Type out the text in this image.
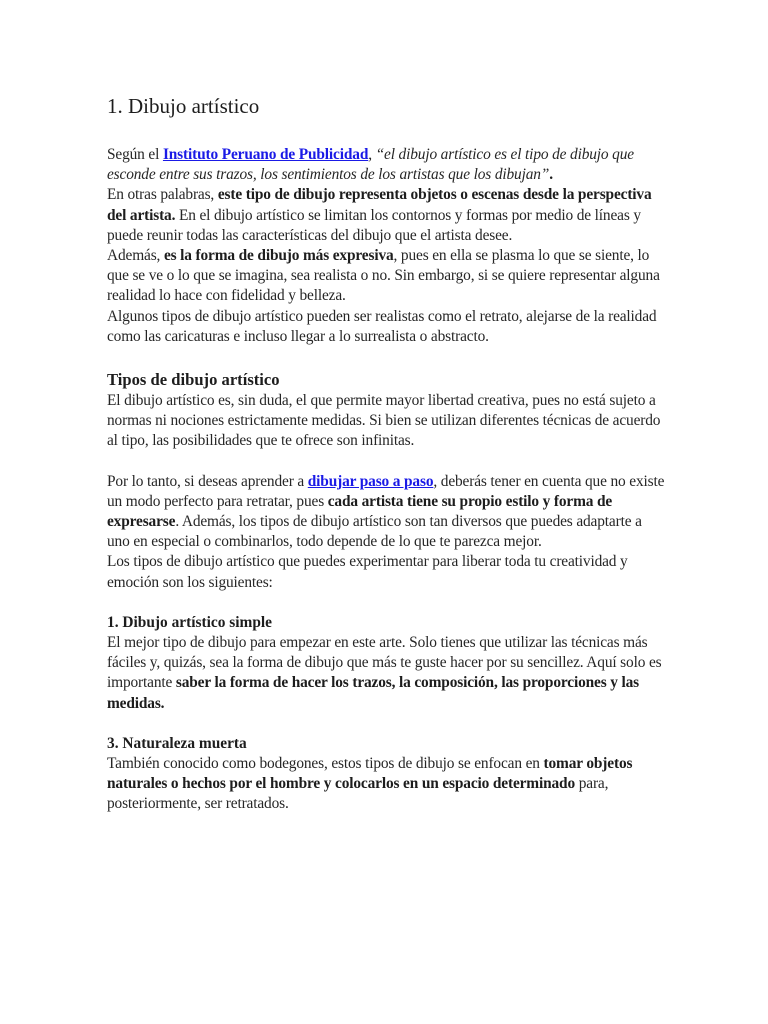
1. Dibujo artístico

Según el Instituto Peruano de Publicidad, “el dibujo artístico es el tipo de dibujo que esconde entre sus trazos, los sentimientos de los artistas que los dibujan”.

En otras palabras, este tipo de dibujo representa objetos o escenas desde la perspectiva del artista. En el dibujo artístico se limitan los contornos y formas por medio de líneas y puede reunir todas las características del dibujo que el artista desee.

Además, es la forma de dibujo más expresiva, pues en ella se plasma lo que se siente, lo que se ve o lo que se imagina, sea realista o no. Sin embargo, si se quiere representar alguna realidad lo hace con fidelidad y belleza.

Algunos tipos de dibujo artístico pueden ser realistas como el retrato, alejarse de la realidad como las caricaturas e incluso llegar a lo surrealista o abstracto.

Tipos de dibujo artístico

El dibujo artístico es, sin duda, el que permite mayor libertad creativa, pues no está sujeto a normas ni nociones estrictamente medidas. Si bien se utilizan diferentes técnicas de acuerdo al tipo, las posibilidades que te ofrece son infinitas.

Por lo tanto, si deseas aprender a dibujar paso a paso, deberás tener en cuenta que no existe un modo perfecto para retratar, pues cada artista tiene su propio estilo y forma de expresarse. Además, los tipos de dibujo artístico son tan diversos que puedes adaptarte a uno en especial o combinarlos, todo depende de lo que te parezca mejor.

Los tipos de dibujo artístico que puedes experimentar para liberar toda tu creatividad y emoción son los siguientes:

1. Dibujo artístico simple

El mejor tipo de dibujo para empezar en este arte. Solo tienes que utilizar las técnicas más fáciles y, quizás, sea la forma de dibujo que más te guste hacer por su sencillez. Aquí solo es importante saber la forma de hacer los trazos, la composición, las proporciones y las medidas.

3. Naturaleza muerta

También conocido como bodegones, estos tipos de dibujo se enfocan en tomar objetos naturales o hechos por el hombre y colocarlos en un espacio determinado para, posteriormente, ser retratados.
